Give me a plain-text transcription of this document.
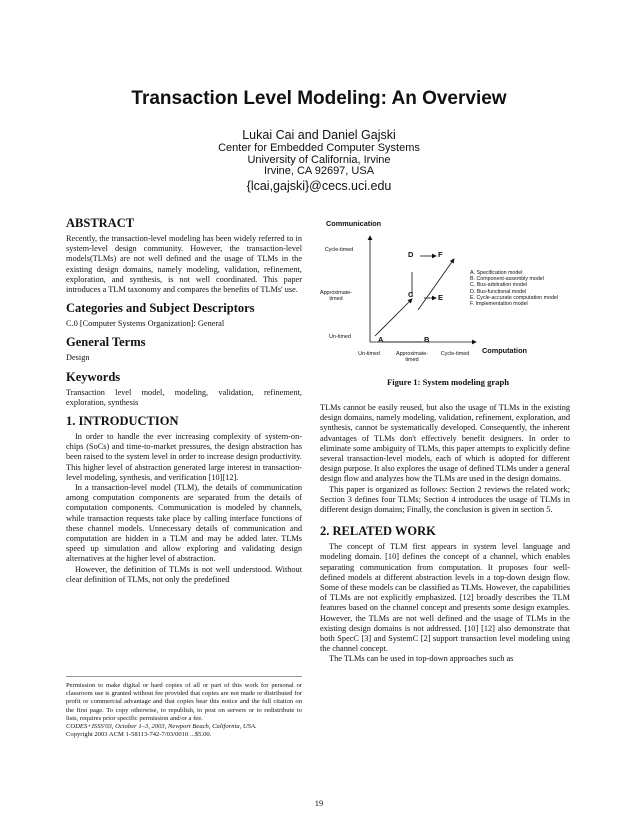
Transaction Level Modeling: An Overview
Lukai Cai and Daniel Gajski
Center for Embedded Computer Systems
University of California, Irvine
Irvine, CA 92697, USA
{lcai,gajski}@cecs.uci.edu
ABSTRACT
Recently, the transaction-level modeling has been widely referred to in system-level design community. However, the transaction-level models(TLMs) are not well defined and the usage of TLMs in the existing design domains, namely modeling, validation, refinement, exploration, and synthesis, is not well coordinated. This paper introduces a TLM taxonomy and compares the benefits of TLMs' use.
Categories and Subject Descriptors
C.0 [Computer Systems Organization]: General
General Terms
Design
Keywords
Transaction level model, modeling, validation, refinement, exploration, synthesis
1. INTRODUCTION
In order to handle the ever increasing complexity of system-on-chips (SoCs) and time-to-market pressures, the design abstraction has been raised to the system level in order to increase design productivity. This higher level of abstraction generated large interest in transaction-level modeling, synthesis, and verification [10][12].
In a transaction-level model (TLM), the details of communication among computation components are separated from the details of computation components. Communication is modeled by channels, while transaction requests take place by calling interface functions of these channel models. Unnecessary details of communication and computation are hidden in a TLM and may be added later. TLMs speed up simulation and allow exploring and validating design alternatives at the higher level of abstraction.
However, the definition of TLMs is not well understood. Without clear definition of TLMs, not only the predefined
Permission to make digital or hard copies of all or part of this work for personal or classroom use is granted without fee provided that copies are not made or distributed for profit or commercial advantage and that copies bear this notice and the full citation on the first page. To copy otherwise, to republish, to post on servers or to redistribute to lists, requires prior specific permission and/or a fee.
CODES+ISSS'03, October 1–3, 2003, Newport Beach, California, USA.
Copyright 2003 ACM 1-58113-742-7/03/0010 ...$5.00.
Communication
Cycle-timed
Approximate-timed
Un-timed
Un-timed	Approximate-timed
Cycle-timed Computation
A	B
C
D
E
F
A. Specification model
B. Component-assembly model
C. Bus-arbitration model
D. Bus-functional model
E. Cycle-accurate computation model
F. Implementation model
Figure 1: System modeling graph
TLMs cannot be easily reused, but also the usage of TLMs in the existing design domains, namely modeling, validation, refinement, exploration, and synthesis, cannot be systematically developed. Consequently, the inherent advantages of TLMs don't effectively benefit designers. In order to eliminate some ambiguity of TLMs, this paper attempts to explicitly define several transaction-level models, each of which is adopted for different design purpose. It also explores the usage of defined TLMs under a general design flow and analyzes how the TLMs are used in the design domains.
This paper is organized as follows: Section 2 reviews the related work; Section 3 defines four TLMs; Section 4 introduces the usage of TLMs in different design domains; Finally, the conclusion is given in section 5.
2. RELATED WORK
The concept of TLM first appears in system level language and modeling domain. [10] defines the concept of a channel, which enables separating communication from computation. It proposes four well-defined models at different abstraction levels in a top-down design flow. Some of these models can be classified as TLMs. However, the capabilities of TLMs are not explicitly emphasized. [12] broadly describes the TLM features based on the channel concept and presents some design examples. However, the TLMs are not well defined and the usage of TLMs in the existing design domains is not addressed. [10] [12] also demonstrate that both SpecC [3] and SystemC [2] support transaction level modeling using the channel concept.
The TLMs can be used in top-down approaches such as
19
